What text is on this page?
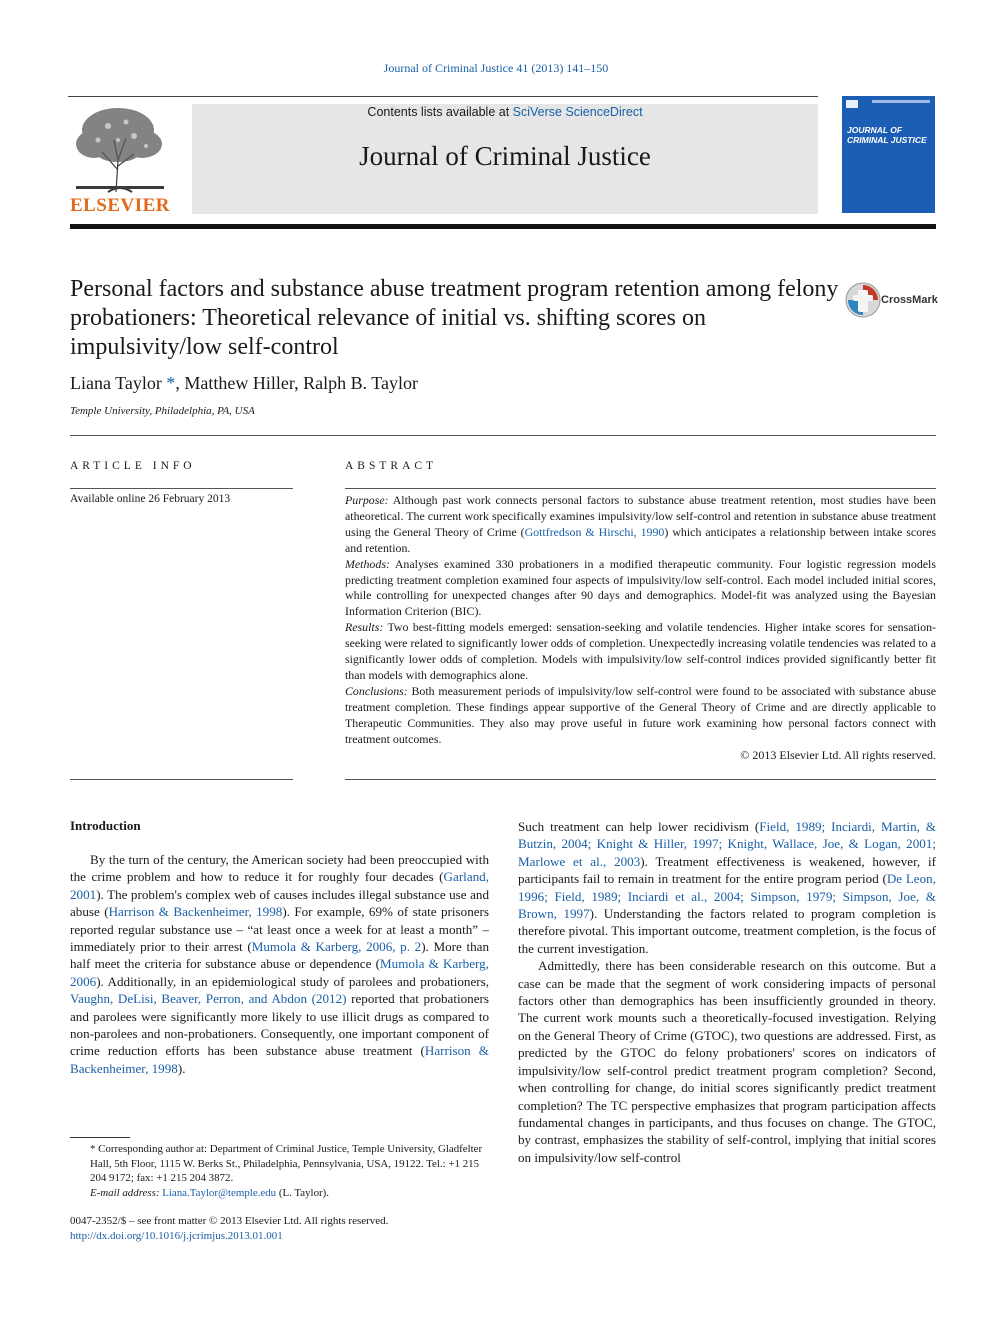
Journal of Criminal Justice 41 (2013) 141–150
ELSEVIER
Contents lists available at SciVerse ScienceDirect
Journal of Criminal Justice
JOURNAL OF CRIMINAL JUSTICE
Personal factors and substance abuse treatment program retention among felony probationers: Theoretical relevance of initial vs. shifting scores on impulsivity/low self-control
CrossMark
Liana Taylor *, Matthew Hiller, Ralph B. Taylor
Temple University, Philadelphia, PA, USA
ARTICLE INFO
Available online 26 February 2013
ABSTRACT

Purpose: Although past work connects personal factors to substance abuse treatment retention, most studies have been atheoretical. The current work specifically examines impulsivity/low self-control and retention in substance abuse treatment using the General Theory of Crime (Gottfredson & Hirschi, 1990) which anticipates a relationship between intake scores and retention.

Methods: Analyses examined 330 probationers in a modified therapeutic community. Four logistic regression models predicting treatment completion examined four aspects of impulsivity/low self-control. Each model included initial scores, while controlling for unexpected changes after 90 days and demographics. Model-fit was analyzed using the Bayesian Information Criterion (BIC).

Results: Two best-fitting models emerged: sensation-seeking and volatile tendencies. Higher intake scores for sensation-seeking were related to significantly lower odds of completion. Unexpectedly increasing volatile tendencies was related to a significantly lower odds of completion. Models with impulsivity/low self-control indices provided significantly better fit than models with demographics alone.

Conclusions: Both measurement periods of impulsivity/low self-control were found to be associated with substance abuse treatment completion. These findings appear supportive of the General Theory of Crime and are directly applicable to Therapeutic Communities. They also may prove useful in future work examining how personal factors connect with treatment outcomes.

© 2013 Elsevier Ltd. All rights reserved.
Introduction

By the turn of the century, the American society had been preoccupied with the crime problem and how to reduce it for roughly four decades (Garland, 2001). The problem's complex web of causes includes illegal substance use and abuse (Harrison & Backenheimer, 1998). For example, 69% of state prisoners reported regular substance use – “at least once a week for at least a month” – immediately prior to their arrest (Mumola & Karberg, 2006, p. 2). More than half meet the criteria for substance abuse or dependence (Mumola & Karberg, 2006). Additionally, in an epidemiological study of parolees and probationers, Vaughn, DeLisi, Beaver, Perron, and Abdon (2012) reported that probationers and parolees were significantly more likely to use illicit drugs as compared to non-parolees and non-probationers. Consequently, one important component of crime reduction efforts has been substance abuse treatment (Harrison & Backenheimer, 1998).

Such treatment can help lower recidivism (Field, 1989; Inciardi, Martin, & Butzin, 2004; Knight & Hiller, 1997; Knight, Wallace, Joe, & Logan, 2001; Marlowe et al., 2003). Treatment effectiveness is weakened, however, if participants fail to remain in treatment for the entire program period (De Leon, 1996; Field, 1989; Inciardi et al., 2004; Simpson, 1979; Simpson, Joe, & Brown, 1997). Understanding the factors related to program completion is therefore pivotal. This important outcome, treatment completion, is the focus of the current investigation.

Admittedly, there has been considerable research on this outcome. But a case can be made that the segment of work considering impacts of personal factors other than demographics has been insufficiently grounded in theory. The current work mounts such a theoretically-focused investigation. Relying on the General Theory of Crime (GTOC), two questions are addressed. First, as predicted by the GTOC do felony probationers' scores on indicators of impulsivity/low self-control predict treatment program completion? Second, when controlling for change, do initial scores significantly predict treatment completion? The TC perspective emphasizes that program participation affects fundamental changes in participants, and thus focuses on change. The GTOC, by contrast, emphasizes the stability of self-control, implying that initial scores on impulsivity/low self-control

* Corresponding author at: Department of Criminal Justice, Temple University, Gladfelter Hall, 5th Floor, 1115 W. Berks St., Philadelphia, Pennsylvania, USA, 19122. Tel.: +1 215 204 9172; fax: +1 215 204 3872.

E-mail address: Liana.Taylor@temple.edu (L. Taylor).

0047-2352/$ – see front matter © 2013 Elsevier Ltd. All rights reserved.
http://dx.doi.org/10.1016/j.jcrimjus.2013.01.001
